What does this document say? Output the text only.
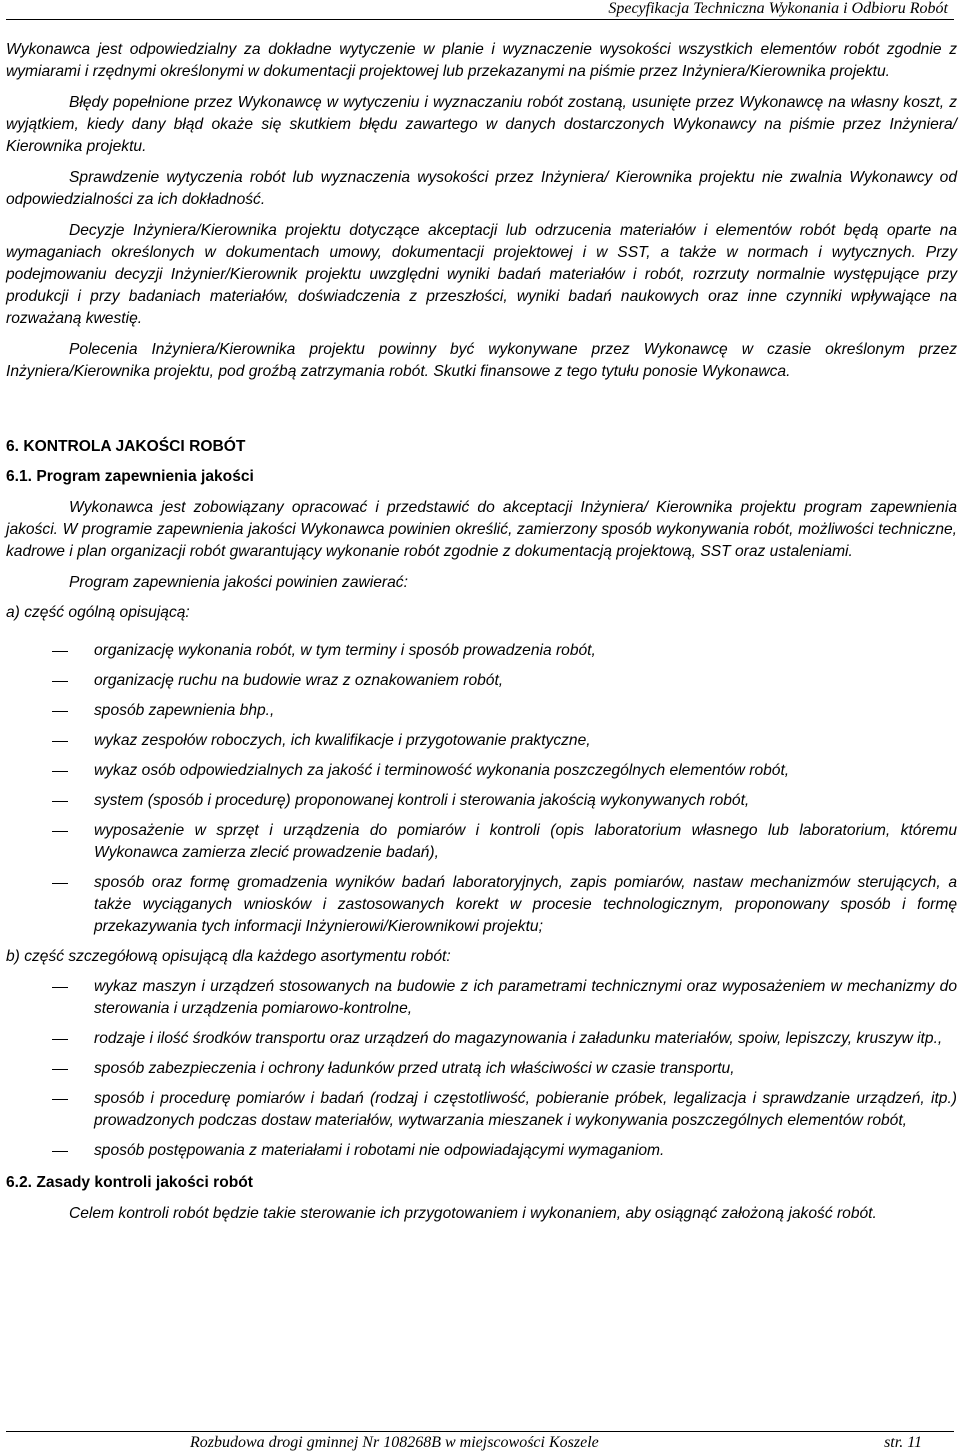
Specyfikacja Techniczna Wykonania i Odbioru Robót

Wykonawca jest odpowiedzialny za dokładne wytyczenie w planie i wyznaczenie wysokości wszystkich elementów robót zgodnie z wymiarami i rzędnymi określonymi w dokumentacji projektowej lub przekazanymi na piśmie przez Inżyniera/Kierownika projektu.

Błędy popełnione przez Wykonawcę w wytyczeniu i wyznaczaniu robót zostaną, usunięte przez Wykonawcę na własny koszt, z wyjątkiem, kiedy dany błąd okaże się skutkiem błędu zawartego w danych dostarczonych Wykonawcy na piśmie przez Inżyniera/ Kierownika projektu.

Sprawdzenie wytyczenia robót lub wyznaczenia wysokości przez Inżyniera/ Kierownika projektu nie zwalnia Wykonawcy od odpowiedzialności za ich dokładność.

Decyzje Inżyniera/Kierownika projektu dotyczące akceptacji lub odrzucenia materiałów i elementów robót będą oparte na wymaganiach określonych w dokumentach umowy, dokumentacji projektowej i w SST, a także w normach i wytycznych. Przy podejmowaniu decyzji Inżynier/Kierownik projektu uwzględni wyniki badań materiałów i robót, rozrzuty normalnie występujące przy produkcji i przy badaniach materiałów, doświadczenia z przeszłości, wyniki badań naukowych oraz inne czynniki wpływające na rozważaną kwestię.

Polecenia Inżyniera/Kierownika projektu powinny być wykonywane przez Wykonawcę w czasie określonym przez Inżyniera/Kierownika projektu, pod groźbą zatrzymania robót. Skutki finansowe z tego tytułu ponosie Wykonawca.

6. KONTROLA JAKOŚCI ROBÓT

6.1. Program zapewnienia jakości

Wykonawca jest zobowiązany opracować i przedstawić do akceptacji Inżyniera/ Kierownika projektu program zapewnienia jakości. W programie zapewnienia jakości Wykonawca powinien określić, zamierzony sposób wykonywania robót, możliwości techniczne, kadrowe i plan organizacji robót gwarantujący wykonanie robót zgodnie z dokumentacją projektową, SST oraz ustaleniami.

Program zapewnienia jakości powinien zawierać:

a) część ogólną opisującą:

organizację wykonania robót, w tym terminy i sposób prowadzenia robót,
organizację ruchu na budowie wraz z oznakowaniem robót,
sposób zapewnienia bhp.,
wykaz zespołów roboczych, ich kwalifikacje i przygotowanie praktyczne,
wykaz osób odpowiedzialnych za jakość i terminowość wykonania poszczególnych elementów robót,
system (sposób i procedurę) proponowanej kontroli i sterowania jakością wykonywanych robót,
wyposażenie w sprzęt i urządzenia do pomiarów i kontroli (opis laboratorium własnego lub laboratorium, któremu Wykonawca zamierza zlecić prowadzenie badań),
sposób oraz formę gromadzenia wyników badań laboratoryjnych, zapis pomiarów, nastaw mechanizmów sterujących, a także wyciąganych wniosków i zastosowanych korekt w procesie technologicznym, proponowany sposób i formę przekazywania tych informacji Inżynierowi/Kierownikowi projektu;

b) część szczegółową opisującą dla każdego asortymentu robót:

wykaz maszyn i urządzeń stosowanych na budowie z ich parametrami technicznymi oraz wyposażeniem w mechanizmy do sterowania i urządzenia pomiarowo-kontrolne,
rodzaje i ilość środków transportu oraz urządzeń do magazynowania i załadunku materiałów, spoiw, lepiszczy, kruszyw itp.,
sposób zabezpieczenia i ochrony ładunków przed utratą ich właściwości w czasie transportu,
sposób i procedurę pomiarów i badań (rodzaj i częstotliwość, pobieranie próbek, legalizacja i sprawdzanie urządzeń, itp.) prowadzonych podczas dostaw materiałów, wytwarzania mieszanek i wykonywania poszczególnych elementów robót,
sposób postępowania z materiałami i robotami nie odpowiadającymi wymaganiom.

6.2. Zasady kontroli jakości robót

Celem kontroli robót będzie takie sterowanie ich przygotowaniem i wykonaniem, aby osiągnąć założoną jakość robót.

Rozbudowa drogi gminnej Nr 108268B w miejscowości Koszele	str. 11
